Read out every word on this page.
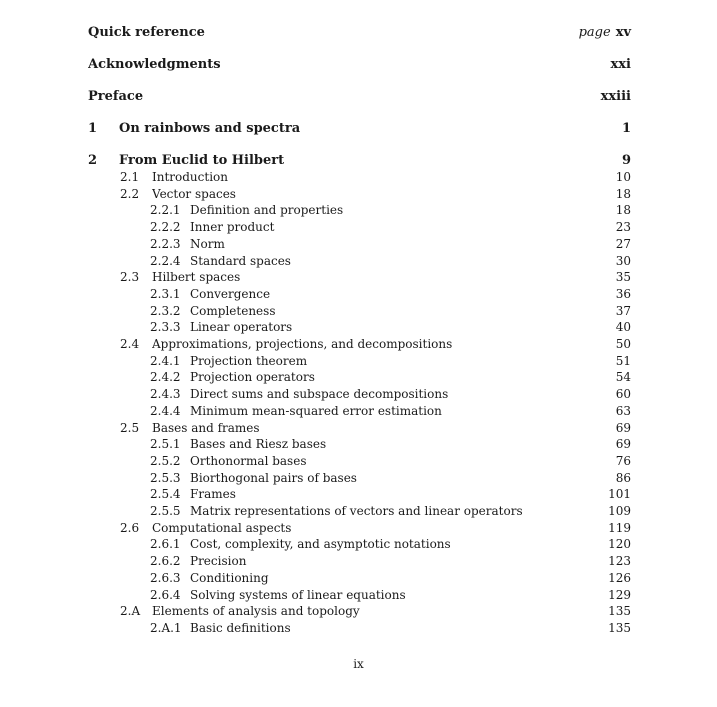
Quick reference	page xv
Acknowledgments	xxi
Preface	xxiii
1	On rainbows and spectra	1
2	From Euclid to Hilbert	9
2.1	Introduction	10
2.2	Vector spaces	18
2.2.1 Definition and properties	18
2.2.2 Inner product	23
2.2.3 Norm	27
2.2.4 Standard spaces	30
2.3	Hilbert spaces	35
2.3.1 Convergence	36
2.3.2 Completeness	37
2.3.3 Linear operators	40
2.4	Approximations, projections, and decompositions	50
2.4.1 Projection theorem	51
2.4.2 Projection operators	54
2.4.3 Direct sums and subspace decompositions	60
2.4.4 Minimum mean-squared error estimation	63
2.5	Bases and frames	69
2.5.1 Bases and Riesz bases	69
2.5.2 Orthonormal bases	76
2.5.3 Biorthogonal pairs of bases	86
2.5.4 Frames	101
2.5.5 Matrix representations of vectors and linear operators	109
2.6	Computational aspects	119
2.6.1 Cost, complexity, and asymptotic notations	120
2.6.2 Precision	123
2.6.3 Conditioning	126
2.6.4 Solving systems of linear equations	129
2.A Elements of analysis and topology	135
2.A.1 Basic definitions	135
ix
